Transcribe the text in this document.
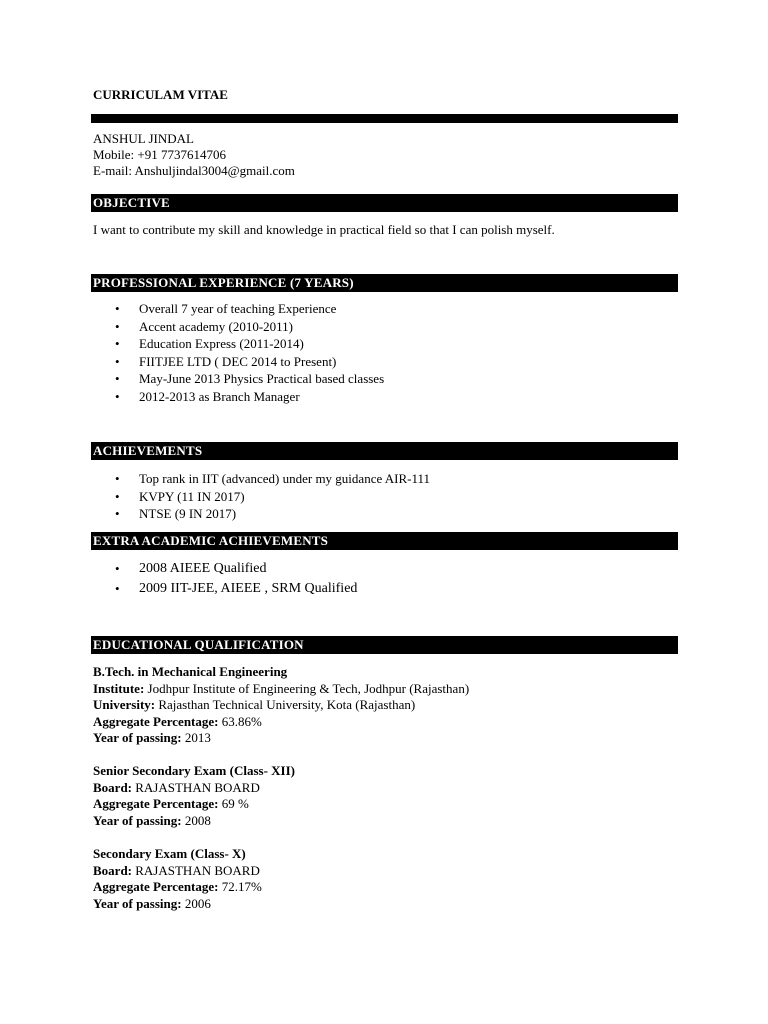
CURRICULAM VITAE
ANSHUL JINDAL
Mobile: +91 7737614706
E-mail: Anshuljindal3004@gmail.com
OBJECTIVE
I want to contribute my skill and knowledge in practical field so that I can polish myself.
PROFESSIONAL EXPERIENCE (7 YEARS)
• Overall 7 year of teaching Experience
• Accent academy (2010-2011)
• Education Express (2011-2014)
• FIITJEE LTD ( DEC 2014 to Present)
• May-June 2013 Physics Practical based classes
• 2012-2013 as Branch Manager
ACHIEVEMENTS
• Top rank in IIT (advanced) under my guidance AIR-111
• KVPY (11 IN 2017)
• NTSE (9 IN 2017)
EXTRA ACADEMIC ACHIEVEMENTS
• 2008 AIEEE Qualified
• 2009 IIT-JEE, AIEEE , SRM Qualified
EDUCATIONAL QUALIFICATION
B.Tech. in Mechanical Engineering
Institute: Jodhpur Institute of Engineering & Tech, Jodhpur (Rajasthan)
University: Rajasthan Technical University, Kota (Rajasthan)
Aggregate Percentage: 63.86%
Year of passing: 2013
Senior Secondary Exam (Class- XII)
Board: RAJASTHAN BOARD
Aggregate Percentage: 69 %
Year of passing: 2008
Secondary Exam (Class- X)
Board: RAJASTHAN BOARD
Aggregate Percentage: 72.17%
Year of passing: 2006
